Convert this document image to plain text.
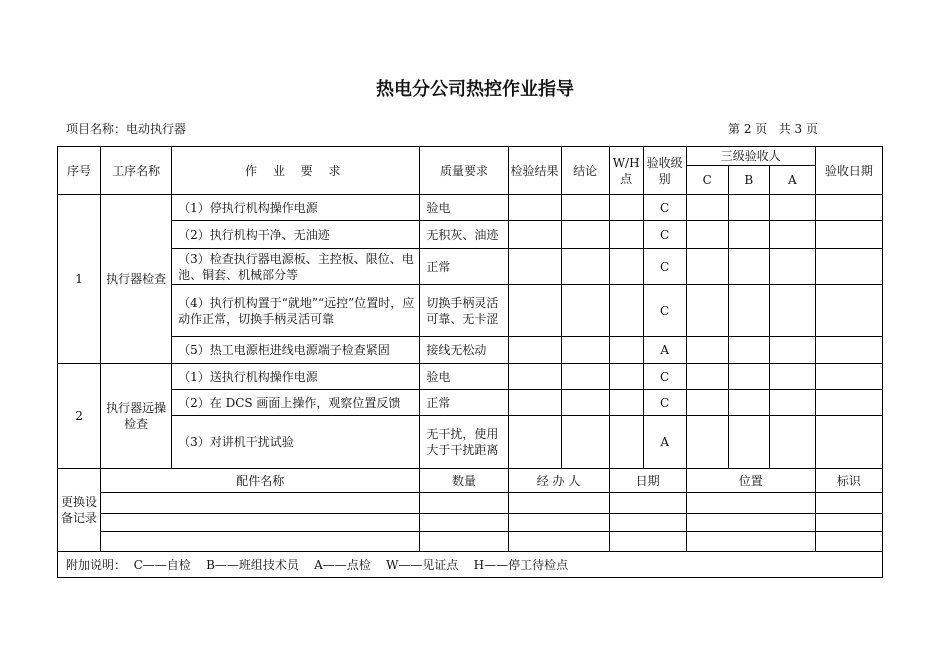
热电分公司热控作业指导
项目名称：电动执行器	第 2 页   共 3 页
序号	工序名称	作 业 要 求	质量要求	检验结果	结论	W/H点	验收级别	三级验收人			验收日期
								C	B	A	
1	执行器检查	（1）停执行机构操作电源	验电				C				
		（2）执行机构干净、无油迹	无积灰、油迹				C				
		（3）检查执行器电源板、主控板、限位、电池、铜套、机械部分等	正常				C				
		（4）执行机构置于“就地”“远控”位置时，应动作正常，切换手柄灵活可靠	切换手柄灵活可靠、无卡涩				C				
		（5）热工电源柜进线电源端子检查紧固	接线无松动				A				
2	执行器远操检查	（1）送执行机构操作电源	验电				C				
		（2）在 DCS 画面上操作，观察位置反馈	正常				C				
		（3）对讲机干扰试验	无干扰，使用大于干扰距离				A				
更换设备记录	配件名称		数量	经 办 人		日期		位置			标识

附加说明：  C——自检    B——班组技术员    A——点检    W——见证点    H——停工待检点											
